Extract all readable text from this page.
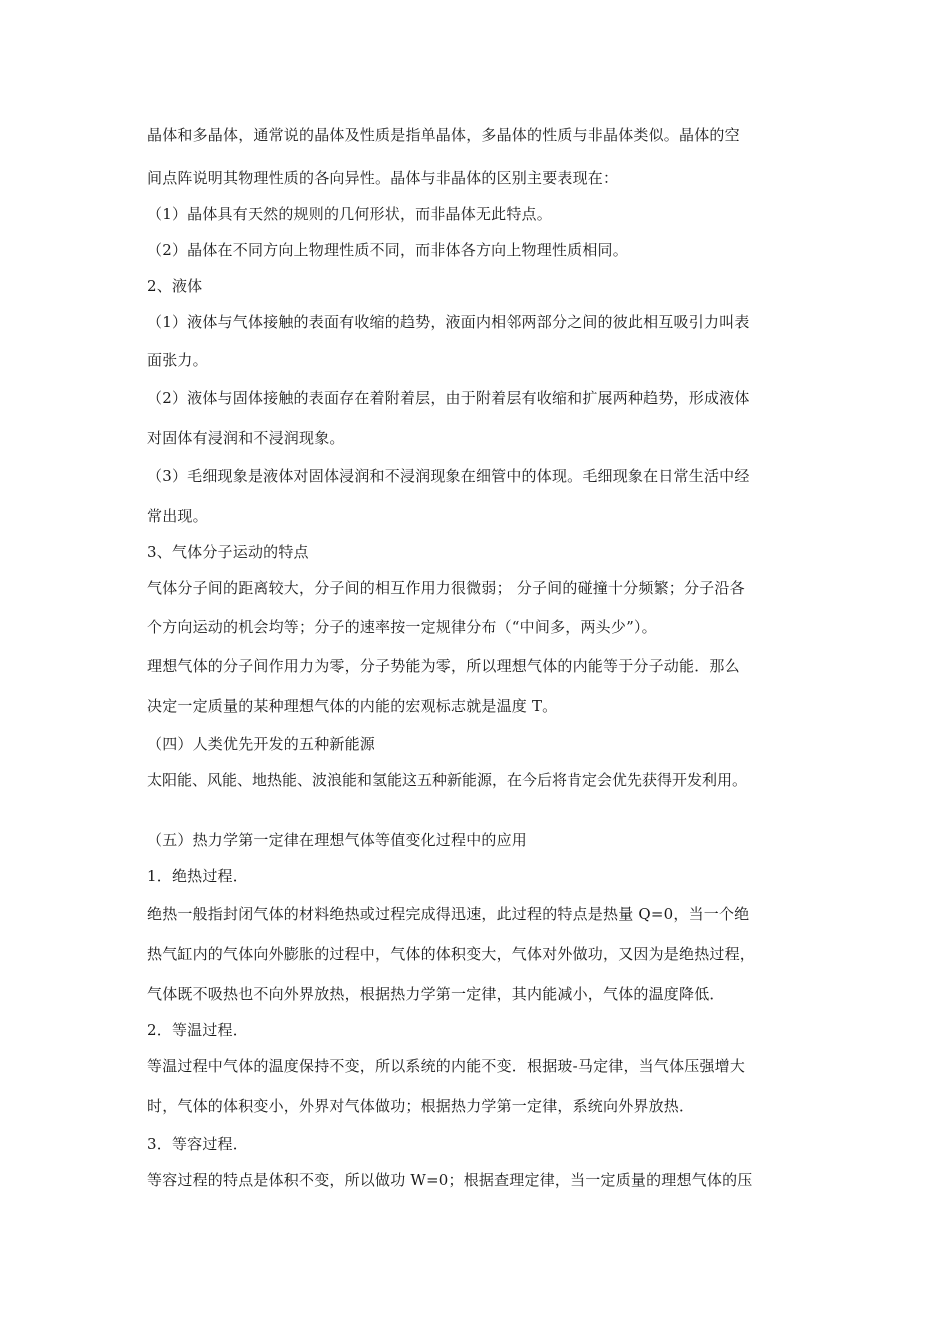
晶体和多晶体，通常说的晶体及性质是指单晶体，多晶体的性质与非晶体类似。晶体的空
间点阵说明其物理性质的各向异性。晶体与非晶体的区别主要表现在：
（1）晶体具有天然的规则的几何形状，而非晶体无此特点。
（2）晶体在不同方向上物理性质不同，而非体各方向上物理性质相同。
2、液体
（1）液体与气体接触的表面有收缩的趋势，液面内相邻两部分之间的彼此相互吸引力叫表
面张力。
（2）液体与固体接触的表面存在着附着层，由于附着层有收缩和扩展两种趋势，形成液体
对固体有浸润和不浸润现象。
（3）毛细现象是液体对固体浸润和不浸润现象在细管中的体现。毛细现象在日常生活中经
常出现。
3、气体分子运动的特点
气体分子间的距离较大，分子间的相互作用力很微弱； 分子间的碰撞十分频繁；分子沿各
个方向运动的机会均等；分子的速率按一定规律分布（“中间多，两头少”）。
理想气体的分子间作用力为零，分子势能为零，所以理想气体的内能等于分子动能．那么
决定一定质量的某种理想气体的内能的宏观标志就是温度 T。
（四）人类优先开发的五种新能源
太阳能、风能、地热能、波浪能和氢能这五种新能源，在今后将肯定会优先获得开发利用。
（五）热力学第一定律在理想气体等值变化过程中的应用
1．绝热过程．
绝热一般指封闭气体的材料绝热或过程完成得迅速，此过程的特点是热量 Q=0，当一个绝
热气缸内的气体向外膨胀的过程中，气体的体积变大，气体对外做功，又因为是绝热过程，
气体既不吸热也不向外界放热，根据热力学第一定律，其内能减小，气体的温度降低．
2．等温过程．
等温过程中气体的温度保持不变，所以系统的内能不变．根据玻-马定律，当气体压强增大
时，气体的体积变小，外界对气体做功；根据热力学第一定律，系统向外界放热．
3．等容过程．
等容过程的特点是体积不变，所以做功 W=0；根据查理定律，当一定质量的理想气体的压
